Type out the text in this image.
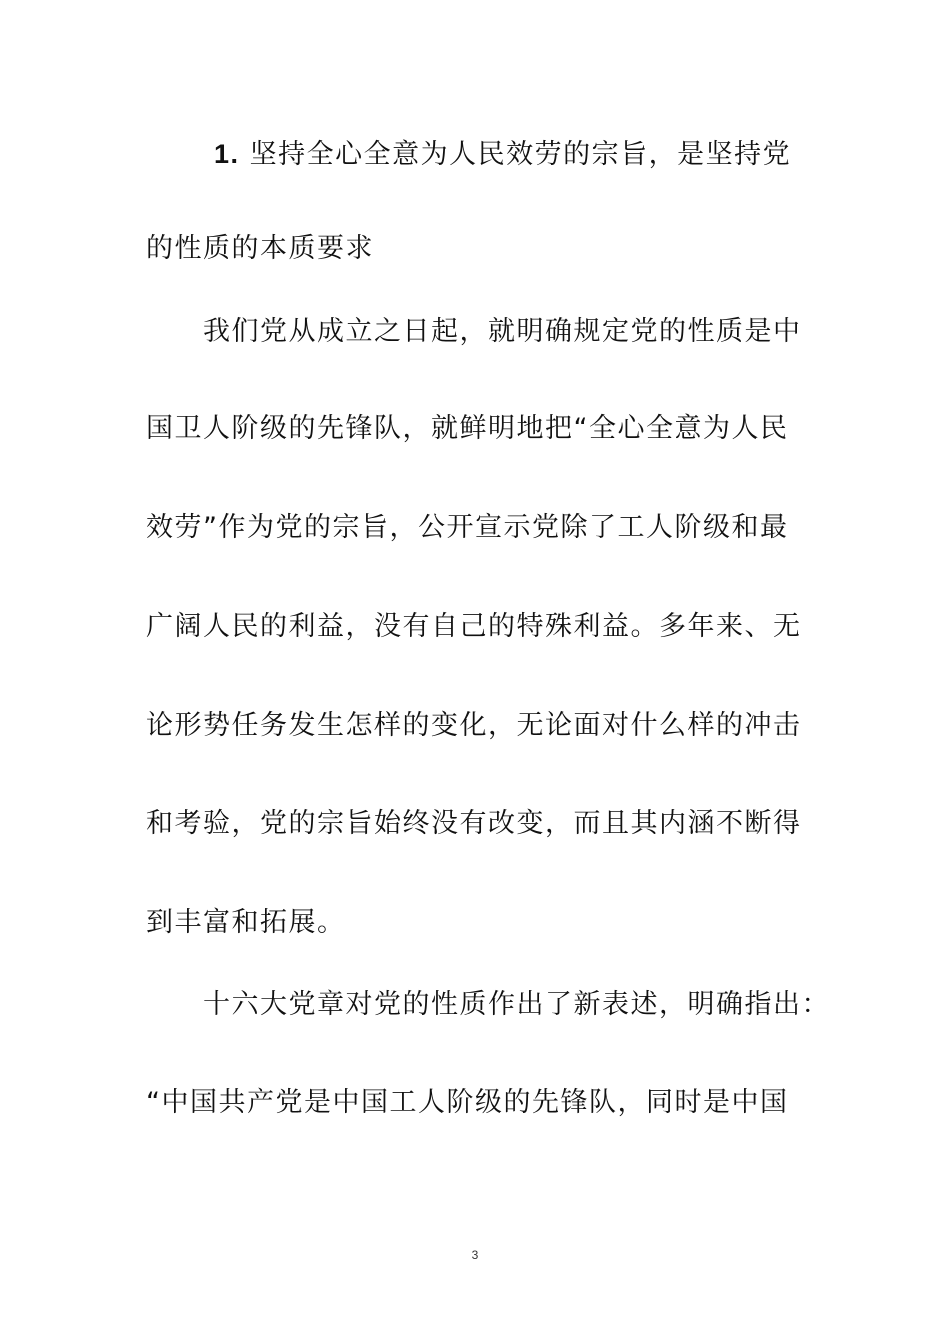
1. 坚持全心全意为人民效劳的宗旨，是坚持党
的性质的本质要求
我们党从成立之日起，就明确规定党的性质是中
国卫人阶级的先锋队，就鲜明地把“全心全意为人民
效劳”作为党的宗旨，公开宣示党除了工人阶级和最
广阔人民的利益，没有自己的特殊利益。多年来、无
论形势任务发生怎样的变化，无论面对什么样的冲击
和考验，党的宗旨始终没有改变，而且其内涵不断得
到丰富和拓展。
十六大党章对党的性质作出了新表述，明确指出：
“中国共产党是中国工人阶级的先锋队，同时是中国
3
